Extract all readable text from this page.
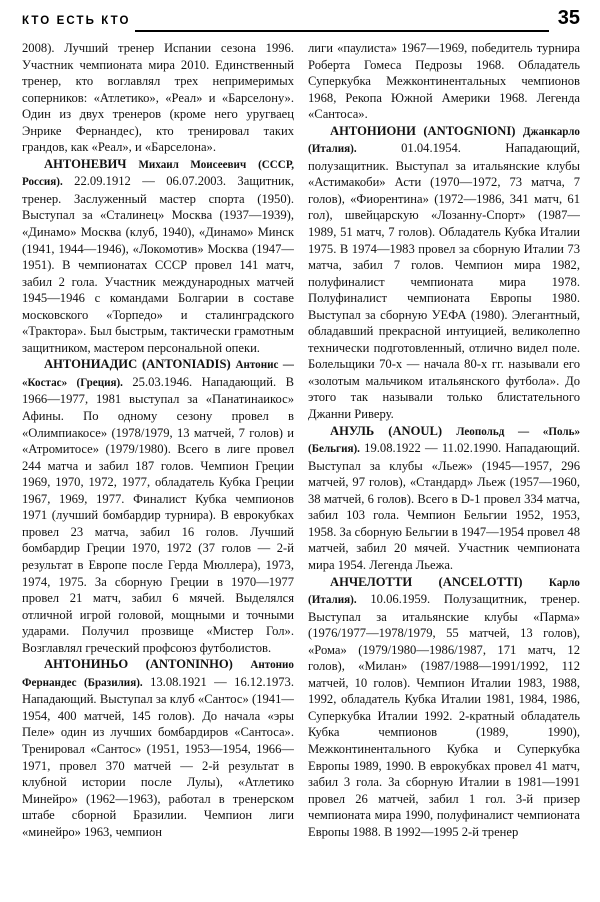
КТО ЕСТЬ КТО	35

2008). Лучший тренер Испании сезона 1996. Участник чемпионата мира 2010. Единственный тренер, кто воглавлял трех непримеримых соперников: «Атлетико», «Реал» и «Барселону». Один из двух тренеров (кроме него уругваец Энрике Фернандес), кто тренировал таких грандов, как «Реал», и «Барселона».

АНТОНЕВИЧ Михаил Моисеевич (СССР, Россия). 22.09.1912 — 06.07.2003. Защитник, тренер. Заслуженный мастер спорта (1950). Выступал за «Сталинец» Москва (1937—1939), «Динамо» Москва (клуб, 1940), «Динамо» Минск (1941, 1944—1946), «Локомотив» Москва (1947—1951). В чемпионатах СССР провел 141 матч, забил 2 гола. Участник международных матчей 1945—1946 с командами Болгарии в составе московского «Торпедо» и сталинградского «Трактора». Был быстрым, тактически грамотным защитником, мастером персональной опеки.

АНТОНИАДИС (ANTONIADIS) Антонис — «Костас» (Греция). 25.03.1946. Нападающий. В 1966—1977, 1981 выступал за «Панатинаикос» Афины. По одному сезону провел в «Олимпиакосе» (1978/1979, 13 матчей, 7 голов) и «Атромитосе» (1979/1980). Всего в лиге провел 244 матча и забил 187 голов. Чемпион Греции 1969, 1970, 1972, 1977, обладатель Кубка Греции 1967, 1969, 1977. Финалист Кубка чемпионов 1971 (лучший бомбардир турнира). В еврокубках провел 23 матча, забил 16 голов. Лучший бомбардир Греции 1970, 1972 (37 голов — 2-й результат в Европе после Герда Мюллера), 1973, 1974, 1975. За сборную Греции в 1970—1977 провел 21 матч, забил 6 мячей. Выделялся отличной игрой головой, мощными и точными ударами. Получил прозвище «Мистер Гол». Возглавлял греческий профсоюз футболистов.

АНТОНИНЬО (ANTONINHO) Антонио Фернандес (Бразилия). 13.08.1921 — 16.12.1973. Нападающий. Выступал за клуб «Сантос» (1941—1954, 400 матчей, 145 голов). До начала «эры Пеле» один из лучших бомбардиров «Сантоса». Тренировал «Сантос» (1951, 1953—1954, 1966—1971, провел 370 матчей — 2-й результат в клубной истории после Лулы), «Атлетико Минейро» (1962—1963), работал в тренерском штабе сборной Бразилии. Чемпион лиги «минейро» 1963, чемпион

лиги «паулиста» 1967—1969, победитель турнира Роберта Гомеса Педрозы 1968. Обладатель Суперкубка Межконтинентальных чемпионов 1968, Рекопа Южной Америки 1968. Легенда «Сантоса».

АНТОНИОНИ (ANTOGNIONI) Джанкарло (Италия). 01.04.1954. Нападающий, полузащитник. Выступал за итальянские клубы «Астимакоби» Асти (1970—1972, 73 матча, 7 голов), «Фиорентина» (1972—1986, 341 матч, 61 гол), швейцарскую «Лозанну-Спорт» (1987—1989, 51 матч, 7 голов). Обладатель Кубка Италии 1975. В 1974—1983 провел за сборную Италии 73 матча, забил 7 голов. Чемпион мира 1982, полуфиналист чемпионата мира 1978. Полуфиналист чемпионата Европы 1980. Выступал за сборную УЕФА (1980). Элегантный, обладавший прекрасной интуицией, великолепно технически подготовленный, отлично видел поле. Болельщики 70-х — начала 80-х гг. называли его «золотым мальчиком итальянского футбола». До этого так называли только блистательного Джанни Риверу.

АНУЛЬ (ANOUL) Леопольд — «Поль» (Бельгия). 19.08.1922 — 11.02.1990. Нападающий. Выступал за клубы «Льеж» (1945—1957, 296 матчей, 97 голов), «Стандард» Льеж (1957—1960, 38 матчей, 6 голов). Всего в D-1 провел 334 матча, забил 103 гола. Чемпион Бельгии 1952, 1953, 1958. За сборную Бельгии в 1947—1954 провел 48 матчей, забил 20 мячей. Участник чемпионата мира 1954. Легенда Льежа.

АНЧЕЛОТТИ (ANCELOTTI) Карло (Италия). 10.06.1959. Полузащитник, тренер. Выступал за итальянские клубы «Парма» (1976/1977—1978/1979, 55 матчей, 13 голов), «Рома» (1979/1980—1986/1987, 171 матч, 12 голов), «Милан» (1987/1988—1991/1992, 112 матчей, 10 голов). Чемпион Италии 1983, 1988, 1992, обладатель Кубка Италии 1981, 1984, 1986, Суперкубка Италии 1992. 2-кратный обладатель Кубка чемпионов (1989, 1990), Межконтинентального Кубка и Суперкубка Европы 1989, 1990. В еврокубках провел 41 матч, забил 3 гола. За сборную Италии в 1981—1991 провел 26 матчей, забил 1 гол. 3-й призер чемпионата мира 1990, полуфиналист чемпионата Европы 1988. В 1992—1995 2-й тренер
